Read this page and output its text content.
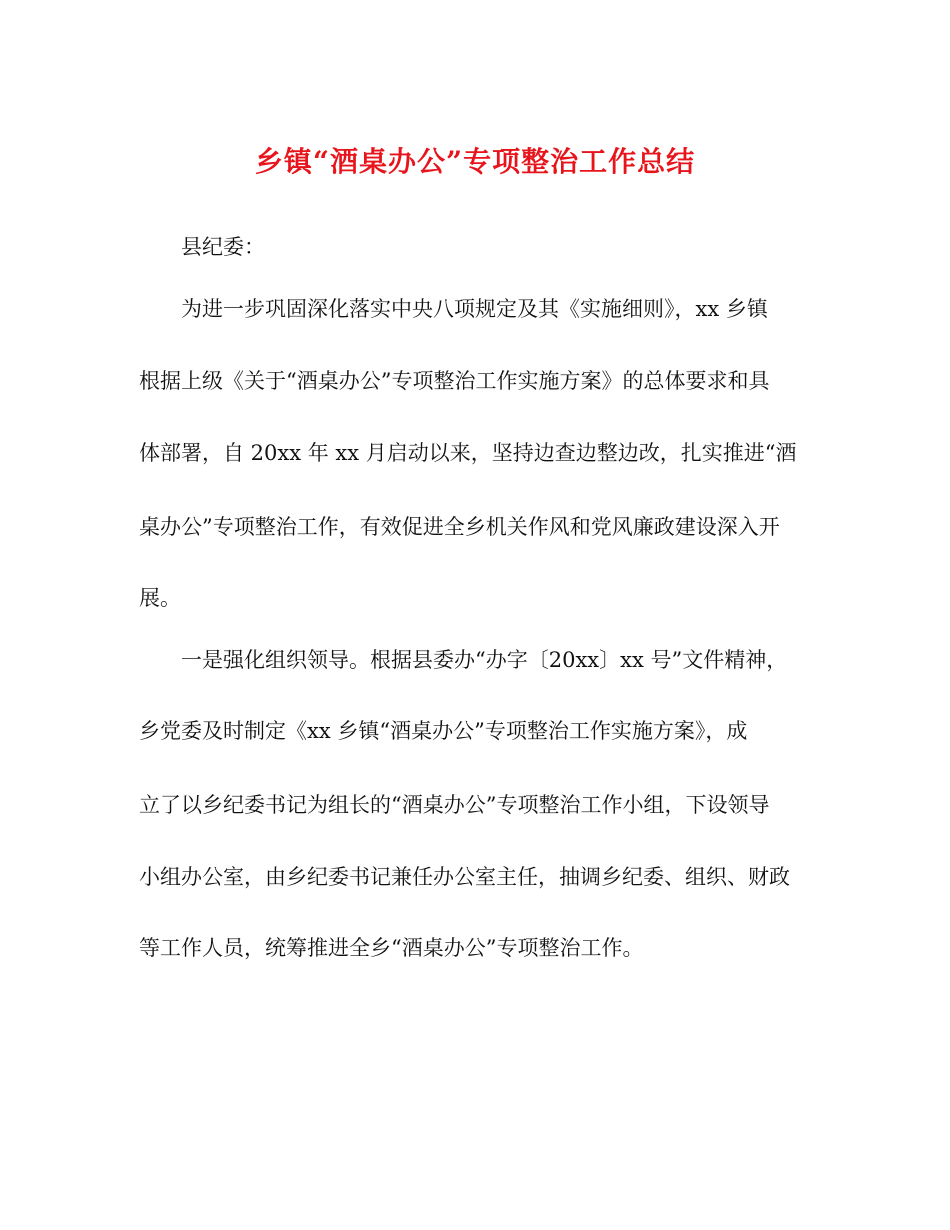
乡镇“酒桌办公”专项整治工作总结

县纪委：

为进一步巩固深化落实中央八项规定及其《实施细则》，xx 乡镇

根据上级《关于“酒桌办公”专项整治工作实施方案》的总体要求和具

体部署，自 20xx 年 xx 月启动以来，坚持边查边整边改，扎实推进“酒

桌办公”专项整治工作，有效促进全乡机关作风和党风廉政建设深入开

展。

一是强化组织领导。根据县委办“办字〔20xx〕xx 号”文件精神，

乡党委及时制定《xx 乡镇“酒桌办公”专项整治工作实施方案》，成

立了以乡纪委书记为组长的“酒桌办公”专项整治工作小组，下设领导

小组办公室，由乡纪委书记兼任办公室主任，抽调乡纪委、组织、财政

等工作人员，统筹推进全乡“酒桌办公”专项整治工作。
